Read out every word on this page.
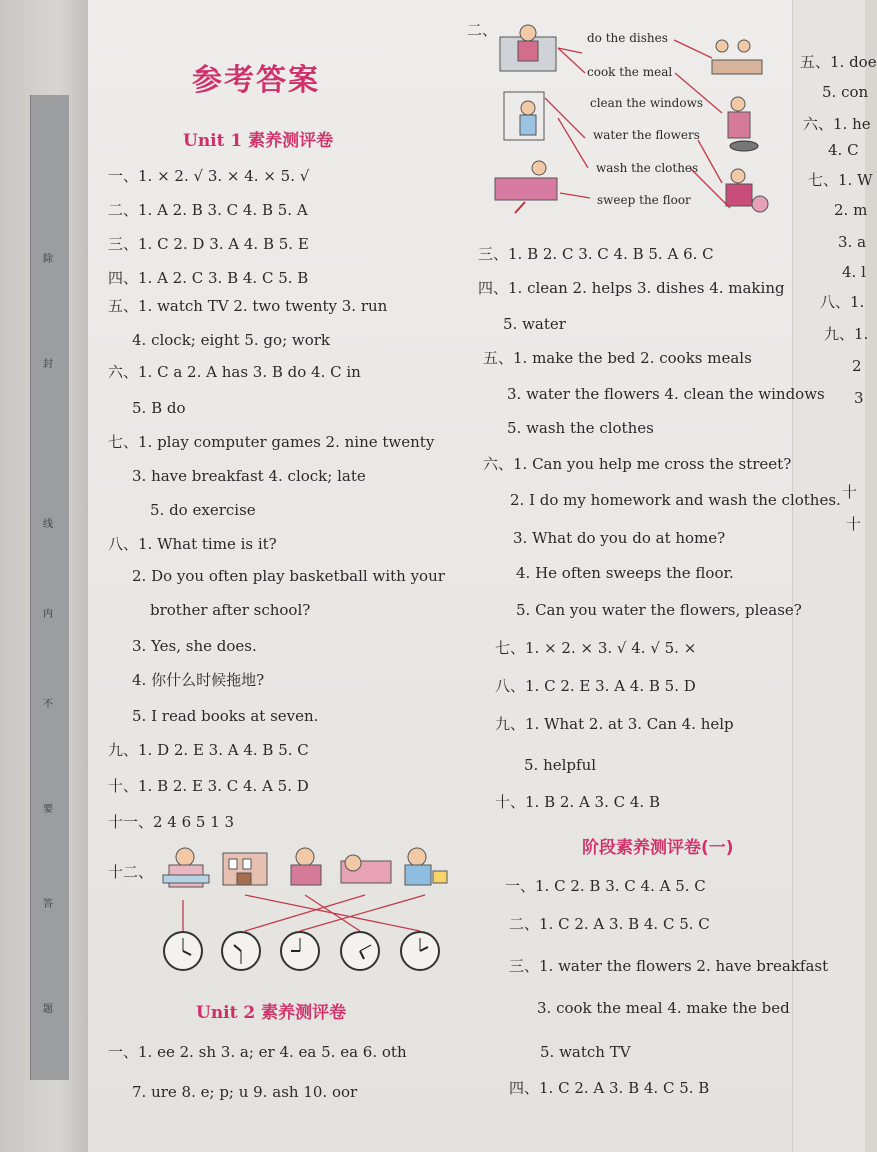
除
封
线
内
不
要
答
题
参考答案
Unit 1 素养测评卷
一、1. × 2. √ 3. × 4. × 5. √
二、1. A 2. B 3. C 4. B 5. A
三、1. C 2. D 3. A 4. B 5. E
四、1. A 2. C 3. B 4. C 5. B
五、1. watch TV 2. two twenty 3. run
4. clock; eight 5. go; work
六、1. C a 2. A has 3. B do 4. C in
5. B do
七、1. play computer games 2. nine twenty
3. have breakfast 4. clock; late
5. do exercise
八、1. What time is it?
2. Do you often play basketball with your
brother after school?
3. Yes, she does.
4. 你什么时候拖地?
5. I read books at seven.
九、1. D 2. E 3. A 4. B 5. C
十、1. B 2. E 3. C 4. A 5. D
十一、2 4 6 5 1 3
十二、
Unit 2 素养测评卷
一、1. ee 2. sh 3. a; er 4. ea 5. ea 6. oth
7. ure 8. e; p; u 9. ash 10. oor
二、	do the dishes
cook the meal
clean the windows
water the flowers
wash the clothes
sweep the floor
三、1. B 2. C 3. C 4. B 5. A 6. C
四、1. clean 2. helps 3. dishes 4. making
5. water
五、1. make the bed 2. cooks meals
3. water the flowers 4. clean the windows
5. wash the clothes
六、1. Can you help me cross the street?
2. I do my homework and wash the clothes.
3. What do you do at home?
4. He often sweeps the floor.
5. Can you water the flowers, please?
七、1. × 2. × 3. √ 4. √ 5. ×
八、1. C 2. E 3. A 4. B 5. D
九、1. What 2. at 3. Can 4. help
5. helpful
十、1. B 2. A 3. C 4. B
阶段素养测评卷(一)
一、1. C 2. B 3. C 4. A 5. C
二、1. C 2. A 3. B 4. C 5. C
三、1. water the flowers 2. have breakfast
3. cook the meal 4. make the bed
5. watch TV
四、1. C 2. A 3. B 4. C 5. B
五、1. doe
5. con
六、1. he
4. C
七、1. W
2. m
3. a
4. l
八、1.
九、1.
2
3
十
十
